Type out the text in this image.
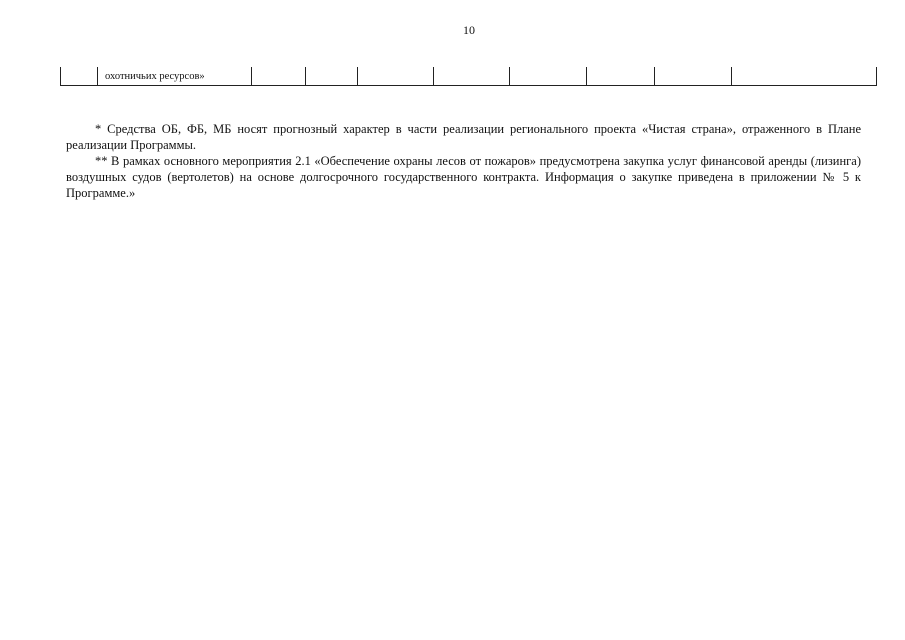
10
охотничьих ресурсов»

* Средства ОБ, ФБ, МБ носят прогнозный характер в части реализации регионального проекта «Чистая страна», отраженного в Плане реализации Программы.

** В рамках основного мероприятия 2.1 «Обеспечение охраны лесов от пожаров» предусмотрена закупка услуг финансовой аренды (лизинга) воздушных судов (вертолетов) на основе долгосрочного государственного контракта. Информация о закупке приведена в приложении № 5 к Программе.»
